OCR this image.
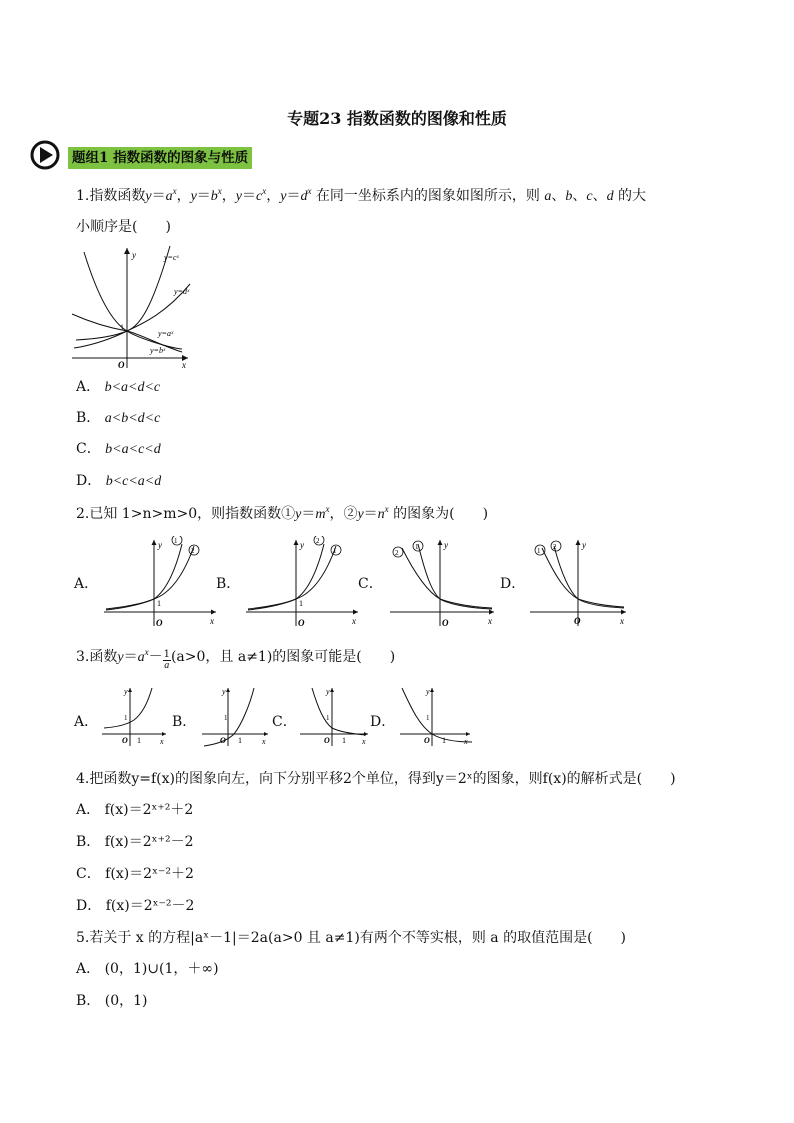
专题23 指数函数的图像和性质
题组1 指数函数的图象与性质
1.指数函数$y=a^x$，$y=b^x$，$y=c^x$，$y=d^x$ 在同一坐标系内的图象如图所示，则 a、b、c、d 的大
小顺序是(　　)
y
x
O
1
y=cˣ
y=dˣ
y=aˣ
y=bˣ
A． b<a<d<c
B． a<b<d<c
C． b<a<c<d
D． b<c<a<d
2.已知 1>n>m>0，则指数函数$①y=m^x$，$②y=n^x$ 的图象为(　　)
A．
y
x
O
1
1
2
B．
y
x
O
1
2
1
C．
y
x
O
2
1
D．
y
x
O
1 2
3.函数$y=a^x- \frac{1}{a} (a>0$，且 a≠1)的图象可能是(　　)
A．
y
x
O 1
1	B．
y
x
O 1
1	C．
y
x
O 1
1	D．
y
x
O 1
1
4.把函数y=f(x)的图象向左，向下分别平移2个单位，得到y＝2ˣ的图象，则f(x)的解析式是(　　)
A． f(x)＝2ˣ⁺²＋2
B． f(x)＝2ˣ⁺²－2
C． f(x)＝2ˣ⁻²＋2
D． f(x)＝2ˣ⁻²－2
5.若关于 x 的方程|aˣ－1|＝2a(a>0 且 a≠1)有两个不等实根，则 a 的取值范围是(　　)
A． (0，1)∪(1，＋∞)
B． (0，1)
